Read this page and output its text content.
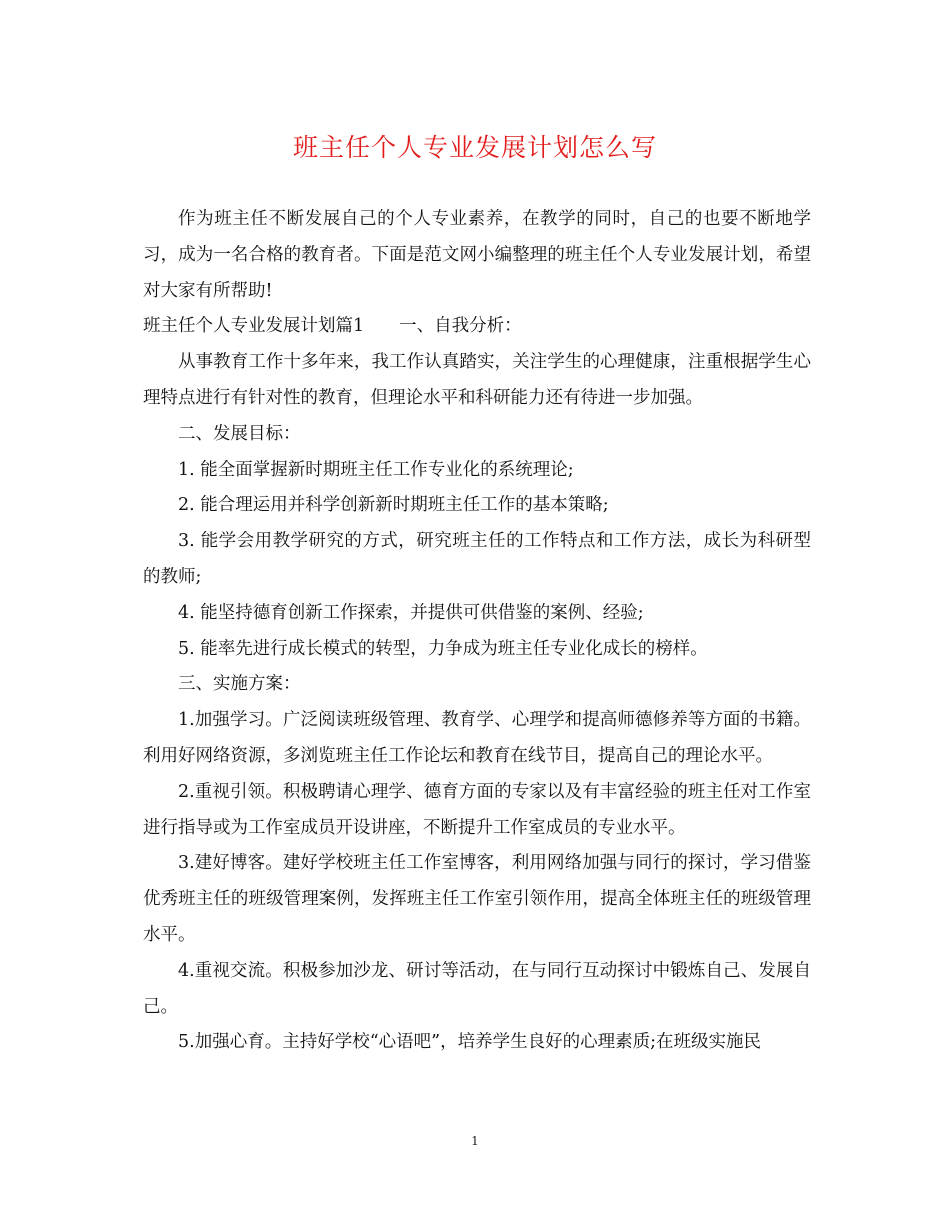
班主任个人专业发展计划怎么写

作为班主任不断发展自己的个人专业素养，在教学的同时，自己的也要不断地学习，成为一名合格的教育者。下面是范文网小编整理的班主任个人专业发展计划，希望对大家有所帮助!

班主任个人专业发展计划篇1　　一、自我分析：

从事教育工作十多年来，我工作认真踏实，关注学生的心理健康，注重根据学生心理特点进行有针对性的教育，但理论水平和科研能力还有待进一步加强。

二、发展目标：

1. 能全面掌握新时期班主任工作专业化的系统理论;

2. 能合理运用并科学创新新时期班主任工作的基本策略;

3. 能学会用教学研究的方式，研究班主任的工作特点和工作方法，成长为科研型的教师;

4. 能坚持德育创新工作探索，并提供可供借鉴的案例、经验;

5. 能率先进行成长模式的转型，力争成为班主任专业化成长的榜样。

三、实施方案：

1.加强学习。广泛阅读班级管理、教育学、心理学和提高师德修养等方面的书籍。利用好网络资源，多浏览班主任工作论坛和教育在线节目，提高自己的理论水平。

2.重视引领。积极聘请心理学、德育方面的专家以及有丰富经验的班主任对工作室进行指导或为工作室成员开设讲座，不断提升工作室成员的专业水平。

3.建好博客。建好学校班主任工作室博客，利用网络加强与同行的探讨，学习借鉴优秀班主任的班级管理案例，发挥班主任工作室引领作用，提高全体班主任的班级管理水平。

4.重视交流。积极参加沙龙、研讨等活动，在与同行互动探讨中锻炼自己、发展自己。

5.加强心育。主持好学校“心语吧”，培养学生良好的心理素质;在班级实施民

1
